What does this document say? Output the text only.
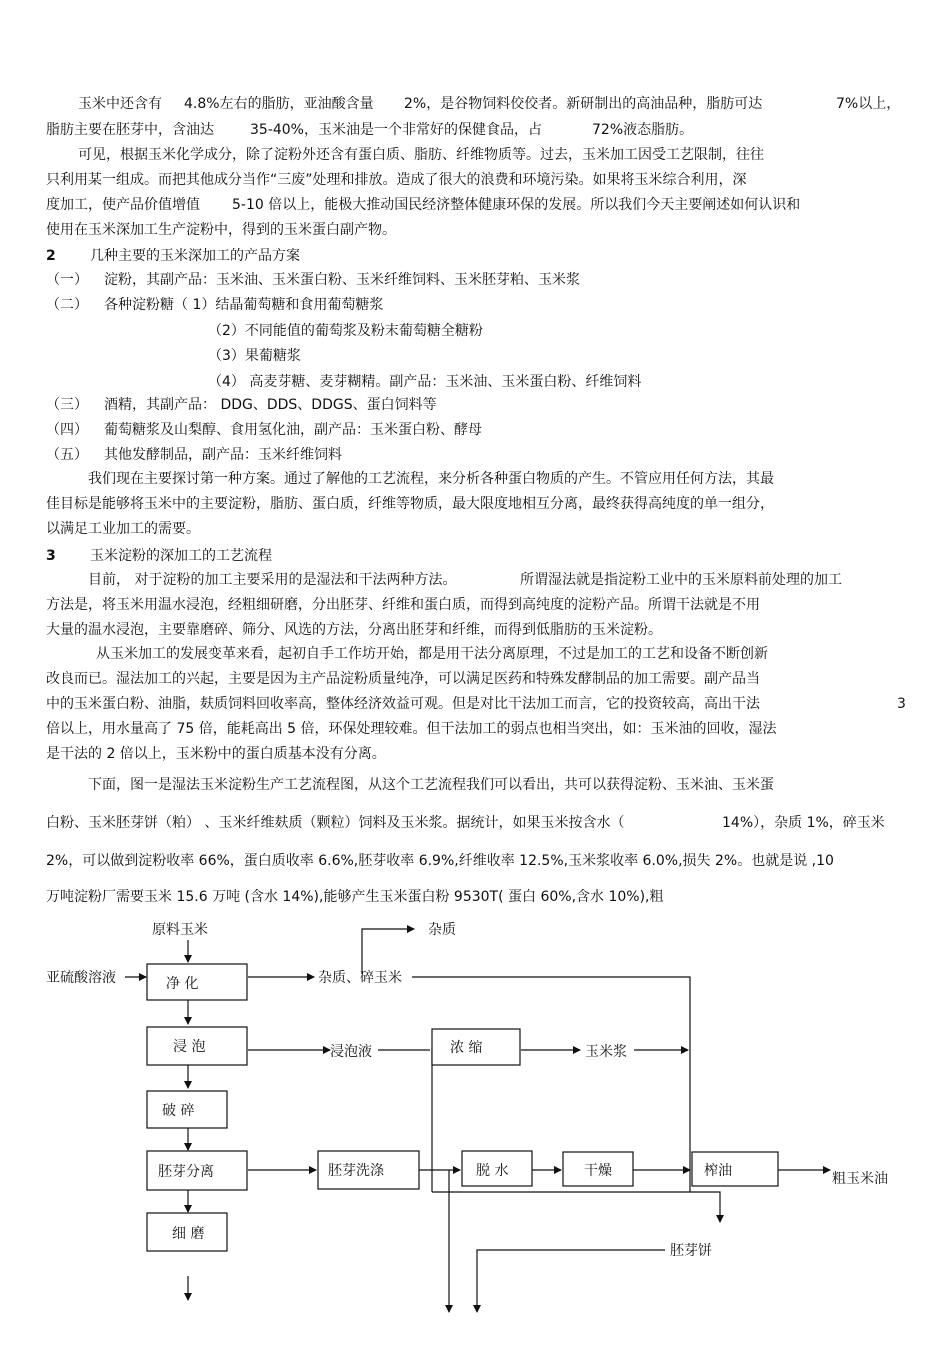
玉米中还含有 4.8%左右的脂肪，亚油酸含量 2%，是谷物饲料佼佼者。新研制出的高油品种，脂肪可达	7%以上，
脂肪主要在胚芽中，含油达	35-40%，玉米油是一个非常好的保健食品，占	72%液态脂肪。
可见，根据玉米化学成分，除了淀粉外还含有蛋白质、脂肪、纤维物质等。过去，玉米加工因受工艺限制，往往
只利用某一组成。而把其他成分当作“三废”处理和排放。造成了很大的浪费和环境污染。如果将玉米综合利用，深
度加工，使产品价值增值 5-10 倍以上，能极大推动国民经济整体健康环保的发展。所以我们今天主要阐述如何认识和
使用在玉米深加工生产淀粉中，得到的玉米蛋白副产物。
2 几种主要的玉米深加工的产品方案
（一） 淀粉，其副产品：玉米油、玉米蛋白粉、玉米纤维饲料、玉米胚芽粕、玉米浆
（二） 各种淀粉糖（ 1）结晶葡萄糖和食用葡萄糖浆
（2）不同能值的葡萄浆及粉末葡萄糖全糖粉
（3）果葡糖浆
（4） 高麦芽糖、麦芽糊精。副产品：玉米油、玉米蛋白粉、纤维饲料
（三） 酒精，其副产品： DDG、DDS、DDGS、蛋白饲料等
（四） 葡萄糖浆及山梨醇、食用氢化油，副产品：玉米蛋白粉、酵母
（五） 其他发酵制品，副产品：玉米纤维饲料
我们现在主要探讨第一种方案。通过了解他的工艺流程，来分析各种蛋白物质的产生。不管应用任何方法，其最
佳目标是能够将玉米中的主要淀粉，脂肪、蛋白质，纤维等物质，最大限度地相互分离，最终获得高纯度的单一组分，
以满足工业加工的需要。
3 玉米淀粉的深加工的工艺流程
目前， 对于淀粉的加工主要采用的是湿法和干法两种方法。	所谓湿法就是指淀粉工业中的玉米原料前处理的加工
方法是，将玉米用温水浸泡，经粗细研磨，分出胚芽、纤维和蛋白质，而得到高纯度的淀粉产品。所谓干法就是不用
大量的温水浸泡，主要靠磨碎、筛分、风选的方法，分离出胚芽和纤维，而得到低脂肪的玉米淀粉。
从玉米加工的发展变革来看，起初自手工作坊开始，都是用干法分离原理，不过是加工的工艺和设备不断创新
改良而已。湿法加工的兴起，主要是因为主产品淀粉质量纯净，可以满足医药和特殊发酵制品的加工需要。副产品当
中的玉米蛋白粉、油脂，麸质饲料回收率高，整体经济效益可观。但是对比干法加工而言，它的投资较高，高出干法	3
倍以上，用水量高了 75 倍，能耗高出 5 倍，环保处理较难。但干法加工的弱点也相当突出，如：玉米油的回收，湿法
是干法的 2 倍以上，玉米粉中的蛋白质基本没有分离。
下面，图一是湿法玉米淀粉生产工艺流程图，从这个工艺流程我们可以看出，共可以获得淀粉、玉米油、玉米蛋
白粉、玉米胚芽饼（粕） 、玉米纤维麸质（颗粒）饲料及玉米浆。据统计，如果玉米按含水（	14%），杂质 1%，碎玉米
2%，可以做到淀粉收率 66%，蛋白质收率 6.6%,胚芽收率 6.9%,纤维收率 12.5%,玉米浆收率 6.0%,损失 2%。也就是说 ,10
万吨淀粉厂需要玉米 15.6 万吨 (含水 14%),能够产生玉米蛋白粉 9530T( 蛋白 60%,含水 10%),粗
原料玉米	杂质
亚硫酸溶液	净 化	杂质、碎玉米
浸 泡	浸泡液	浓 缩	玉米浆
破 碎
胚芽分离	胚芽洗涤	脱 水	干燥	榨油	粗玉米油
细 磨
胚芽饼
